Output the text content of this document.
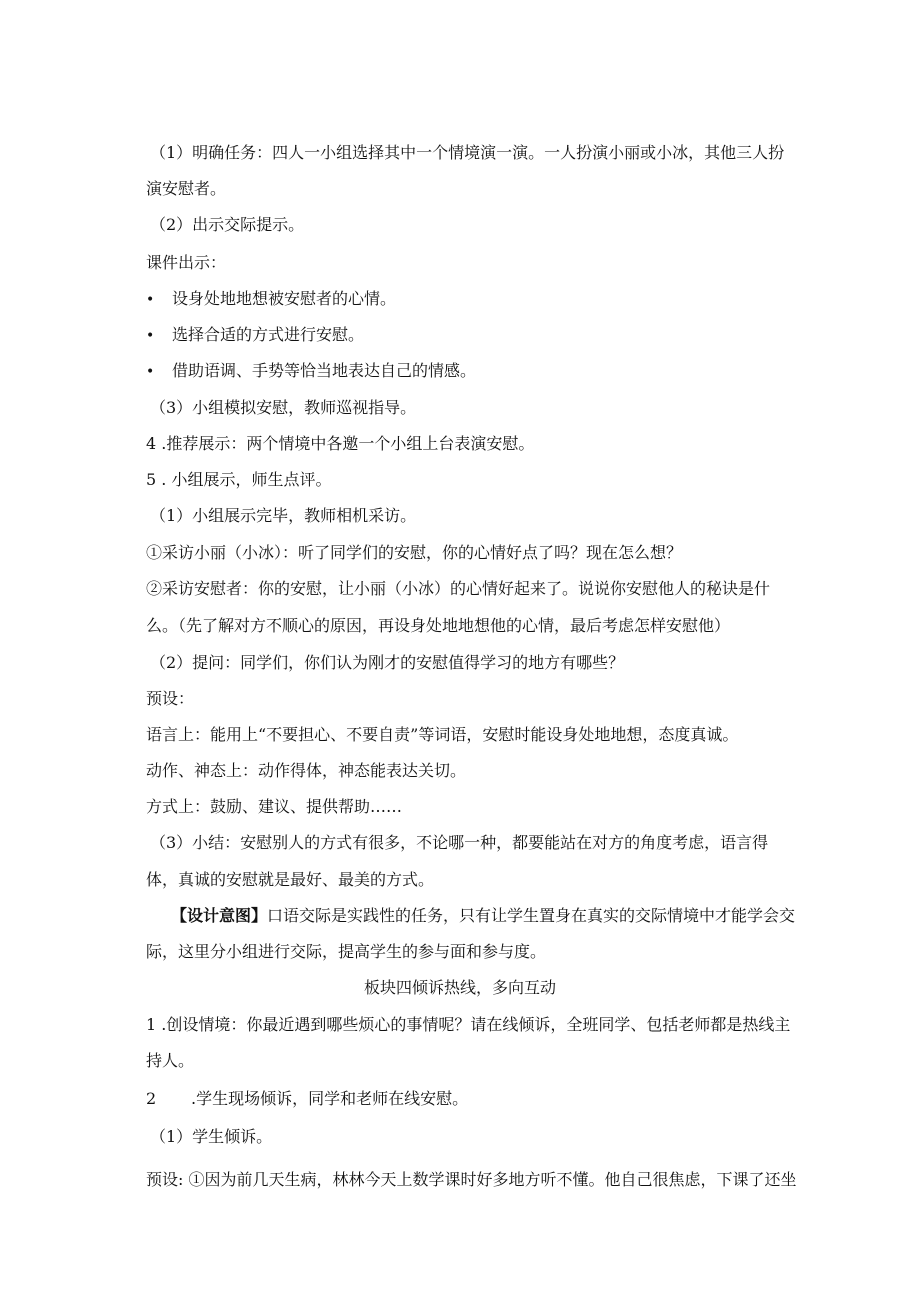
（1）明确任务：四人一小组选择其中一个情境演一演。一人扮演小丽或小冰，其他三人扮
演安慰者。
（2）出示交际提示。
课件出示：
• 设身处地地想被安慰者的心情。
• 选择合适的方式进行安慰。
• 借助语调、手势等恰当地表达自己的情感。
（3）小组模拟安慰，教师巡视指导。
4 .推荐展示：两个情境中各邀一个小组上台表演安慰。
5 . 小组展示，师生点评。
（1）小组展示完毕，教师相机采访。
①采访小丽（小冰）：听了同学们的安慰，你的心情好点了吗？现在怎么想？
②采访安慰者：你的安慰，让小丽（小冰）的心情好起来了。说说你安慰他人的秘诀是什
么。（先了解对方不顺心的原因，再设身处地地想他的心情，最后考虑怎样安慰他）
（2）提问：同学们，你们认为刚才的安慰值得学习的地方有哪些？
预设：
语言上：能用上“不要担心、不要自责”等词语，安慰时能设身处地地想，态度真诚。
动作、神态上：动作得体，神态能表达关切。
方式上：鼓励、建议、提供帮助……
（3）小结：安慰别人的方式有很多，不论哪一种，都要能站在对方的角度考虑，语言得
体，真诚的安慰就是最好、最美的方式。
【设计意图】口语交际是实践性的任务，只有让学生置身在真实的交际情境中才能学会交
际，这里分小组进行交际，提高学生的参与面和参与度。
板块四倾诉热线，多向互动
1 .创设情境：你最近遇到哪些烦心的事情呢？请在线倾诉，全班同学、包括老师都是热线主
持人。
2 .学生现场倾诉，同学和老师在线安慰。
（1）学生倾诉。
预设: ①因为前几天生病，林林今天上数学课时好多地方听不懂。他自己很焦虑，下课了还坐
